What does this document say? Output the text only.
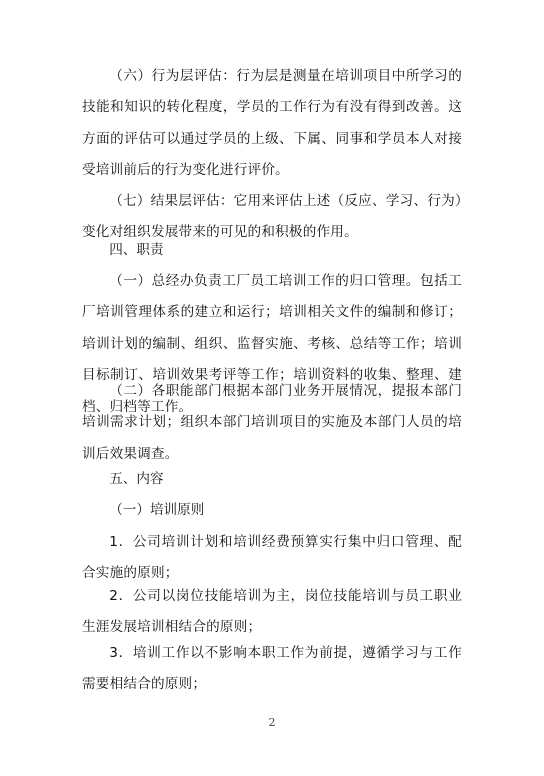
（六）行为层评估：行为层是测量在培训项目中所学习的技能和知识的转化程度，学员的工作行为有没有得到改善。这方面的评估可以通过学员的上级、下属、同事和学员本人对接受培训前后的行为变化进行评价。

（七）结果层评估：它用来评估上述（反应、学习、行为）变化对组织发展带来的可见的和积极的作用。

四、职责

（一）总经办负责工厂员工培训工作的归口管理。包括工厂培训管理体系的建立和运行；培训相关文件的编制和修订；培训计划的编制、组织、监督实施、考核、总结等工作；培训目标制订、培训效果考评等工作；培训资料的收集、整理、建档、归档等工作。

（二）各职能部门根据本部门业务开展情况，提报本部门培训需求计划；组织本部门培训项目的实施及本部门人员的培训后效果调查。

五、内容

（一）培训原则

1．公司培训计划和培训经费预算实行集中归口管理、配合实施的原则；

2．公司以岗位技能培训为主，岗位技能培训与员工职业生涯发展培训相结合的原则；

3．培训工作以不影响本职工作为前提，遵循学习与工作需要相结合的原则；

2
